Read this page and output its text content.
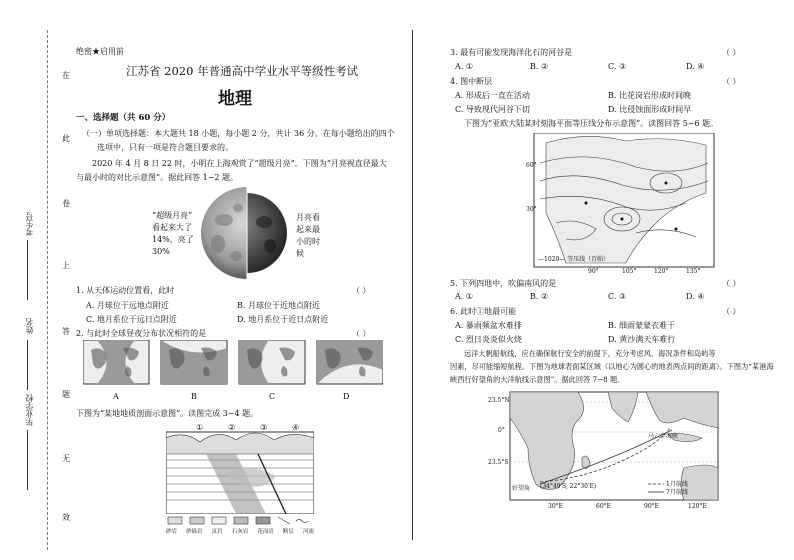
在
此
卷
上
答
题
无
效
考生号
姓名
毕业学校
绝密★启用前
江苏省 2020 年普通高中学业水平等级性考试
地理
一、选择题（共 60 分）
（一）单项选择题：本大题共 18 小题，每小题 2 分，共计 36 分。在每小题给出的四个
选项中，只有一项是符合题目要求的。
2020 年 4 月 8 日 22 时，小明在上海观赏了“超级月亮”。下图为“月亮视直径最大
与最小时的对比示意图”。据此回答 1~2 题。
“超级月亮”
看起来大了
14%，亮了
30%
月亮看
起来最
小的时
候
1. 从天体运动位置看，此时	（ ）
A. 月球位于远地点附近	B. 月球位于近地点附近
C. 地月系位于远日点附近	D. 地月系位于近日点附近
2. 与此时全球昼夜分布状况相符的是	（ ）
A	B	C	D
下图为“某地地质剖面示意图”。读图完成 3~4 题。
①	②	③	④
砂岩 砂砾岩 页岩 石灰岩 花岗岩 断层 河流
3. 最有可能发现海洋化石的河谷是	（ ）
A. ①	B. ②	C. ③	D. ④
4. 图中断层	（ ）
A. 形成后一直在活动	B. 比花岗岩形成时间晚
C. 导致现代河谷下切	D. 比侵蚀面形成时间早
下图为“亚欧大陆某时刻海平面等压线分布示意图”。读图回答 5~6 题。
60°
30°
90°	105°	120°	135°
—1020— 等压线（百帕）
5. 下列四地中，吹偏南风的是	（ ）
A. ①	B. ②	C. ③	D. ④
6. 此时①地最可能	（ ）
A. 暴雨频盆水难排	B. 细雨蒙蒙衣难干
C. 烈日炎炎似火烧	D. 黄沙满天车难行
远洋大帆船航线，应在确保航行安全的前提下，充分考虑风、海况条件和岛屿等
因素，尽可能缩短航程。下图为地球表面某区域（以地心为圆心的地表两点间的距离）。下图为“某港海
峡西行好望角的大洋航线示意图”。据此回答 7~8 题。
23.5°N
0°
23.5°S
30°E	60°E	90°E	120°E
马六甲海峡
好望角 (34°49′S, 22°30′E)	1月航线
7月航线
